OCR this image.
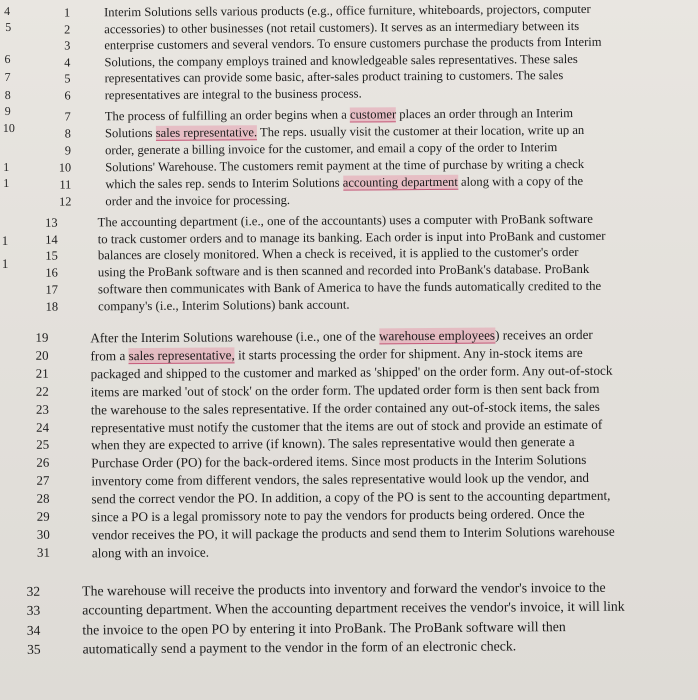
4
5
6
7
8
9
10
1
1
1
1
1	Interim Solutions sells various products (e.g., office furniture, whiteboards, projectors, computer
2	accessories) to other businesses (not retail customers). It serves as an intermediary between its
3	enterprise customers and several vendors. To ensure customers purchase the products from Interim
4	Solutions, the company employs trained and knowledgeable sales representatives. These sales
5	representatives can provide some basic, after-sales product training to customers. The sales
6	representatives are integral to the business process.
7	The process of fulfilling an order begins when a customer places an order through an Interim
8	Solutions sales representative. The reps. usually visit the customer at their location, write up an
9	order, generate a billing invoice for the customer, and email a copy of the order to Interim
10	Solutions' Warehouse. The customers remit payment at the time of purchase by writing a check
11	which the sales rep. sends to Interim Solutions accounting department along with a copy of the
12	order and the invoice for processing.
13	The accounting department (i.e., one of the accountants) uses a computer with ProBank software
14	to track customer orders and to manage its banking. Each order is input into ProBank and customer
15	balances are closely monitored. When a check is received, it is applied to the customer's order
16	using the ProBank software and is then scanned and recorded into ProBank's database. ProBank
17	software then communicates with Bank of America to have the funds automatically credited to the
18	company's (i.e., Interim Solutions) bank account.
19	After the Interim Solutions warehouse (i.e., one of the warehouse employees) receives an order
20	from a sales representative, it starts processing the order for shipment. Any in-stock items are
21	packaged and shipped to the customer and marked as 'shipped' on the order form. Any out-of-stock
22	items are marked 'out of stock' on the order form. The updated order form is then sent back from
23	the warehouse to the sales representative. If the order contained any out-of-stock items, the sales
24	representative must notify the customer that the items are out of stock and provide an estimate of
25	when they are expected to arrive (if known). The sales representative would then generate a
26	Purchase Order (PO) for the back-ordered items. Since most products in the Interim Solutions
27	inventory come from different vendors, the sales representative would look up the vendor, and
28	send the correct vendor the PO. In addition, a copy of the PO is sent to the accounting department,
29	since a PO is a legal promissory note to pay the vendors for products being ordered. Once the
30	vendor receives the PO, it will package the products and send them to Interim Solutions warehouse
31	along with an invoice.
32	The warehouse will receive the products into inventory and forward the vendor's invoice to the
33	accounting department. When the accounting department receives the vendor's invoice, it will link
34	the invoice to the open PO by entering it into ProBank. The ProBank software will then
35	automatically send a payment to the vendor in the form of an electronic check.
